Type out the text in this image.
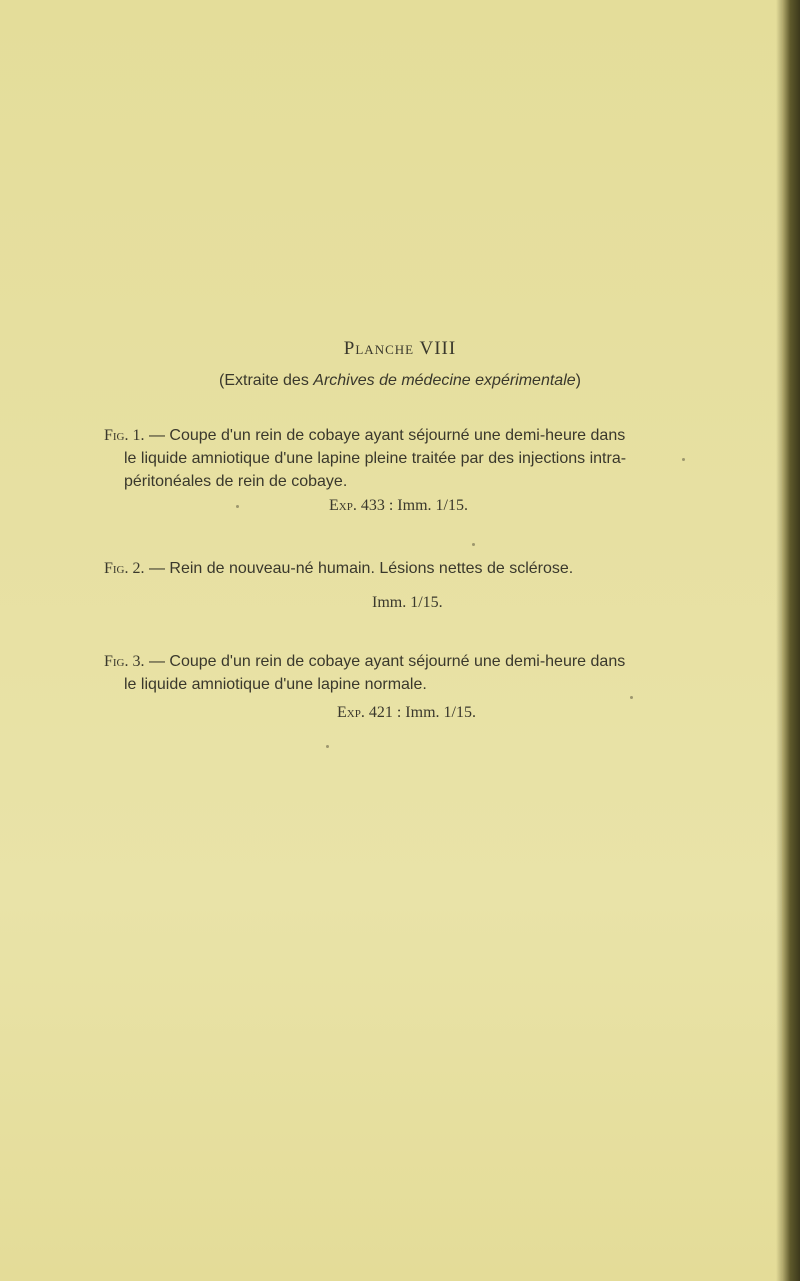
Planche VIII
(Extraite des Archives de médecine expérimentale)
Fig. 1. — Coupe d'un rein de cobaye ayant séjourné une demi-heure dans
le liquide amniotique d'une lapine pleine traitée par des injections intra-
péritonéales de rein de cobaye.
Exp. 433 : Imm. 1/15.
Fig. 2. — Rein de nouveau-né humain. Lésions nettes de sclérose.
Imm. 1/15.
Fig. 3. — Coupe d'un rein de cobaye ayant séjourné une demi-heure dans
le liquide amniotique d'une lapine normale.
Exp. 421 : Imm. 1/15.
